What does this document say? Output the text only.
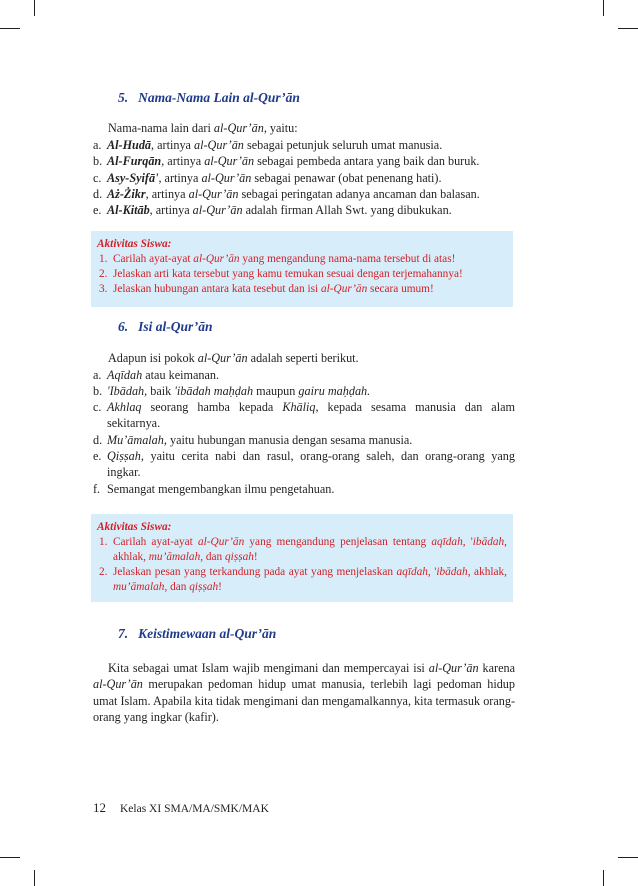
5. Nama-Nama Lain al-Qur’ān
Nama-nama lain dari al-Qur’ān, yaitu:
a. Al-Hudā, artinya al-Qur’ān sebagai petunjuk seluruh umat manusia.
b. Al-Furqān, artinya al-Qur’ān sebagai pembeda antara yang baik dan buruk.
c. Asy-Syifā', artinya al-Qur’ān sebagai penawar (obat penenang hati).
d. Aż-Żikr, artinya al-Qur’ān sebagai peringatan adanya ancaman dan balasan.
e. Al-Kitāb, artinya al-Qur’ān adalah firman Allah Swt. yang dibukukan.
Aktivitas Siswa:
1. Carilah ayat-ayat al-Qur’ān yang mengandung nama-nama tersebut di atas!
2. Jelaskan arti kata tersebut yang kamu temukan sesuai dengan terjemahannya!
3. Jelaskan hubungan antara kata tesebut dan isi al-Qur’ān secara umum!
6. Isi al-Qur’ān
Adapun isi pokok al-Qur’ān adalah seperti berikut.
a. Aqīdah atau keimanan.
b. 'Ibādah, baik 'ibādah maḥḍah maupun gairu maḥḍah.
c. Akhlaq seorang hamba kepada Khāliq, kepada sesama manusia dan alam sekitarnya.
d. Mu’āmalah, yaitu hubungan manusia dengan sesama manusia.
e. Qiṣṣah, yaitu cerita nabi dan rasul, orang-orang saleh, dan orang-orang yang ingkar.
f. Semangat mengembangkan ilmu pengetahuan.
Aktivitas Siswa:
1. Carilah ayat-ayat al-Qur’ān yang mengandung penjelasan tentang aqīdah, 'ibādah, akhlak, mu’āmalah, dan qiṣṣah!
2. Jelaskan pesan yang terkandung pada ayat yang menjelaskan aqīdah, 'ibādah, akhlak, mu’āmalah, dan qiṣṣah!
7. Keistimewaan al-Qur’ān
Kita sebagai umat Islam wajib mengimani dan mempercayai isi al-Qur’ān karena al-Qur’ān merupakan pedoman hidup umat manusia, terlebih lagi pedoman hidup umat Islam. Apabila kita tidak mengimani dan mengamalkannya, kita termasuk orang-orang yang ingkar (kafir).
12 Kelas XI SMA/MA/SMK/MAK
